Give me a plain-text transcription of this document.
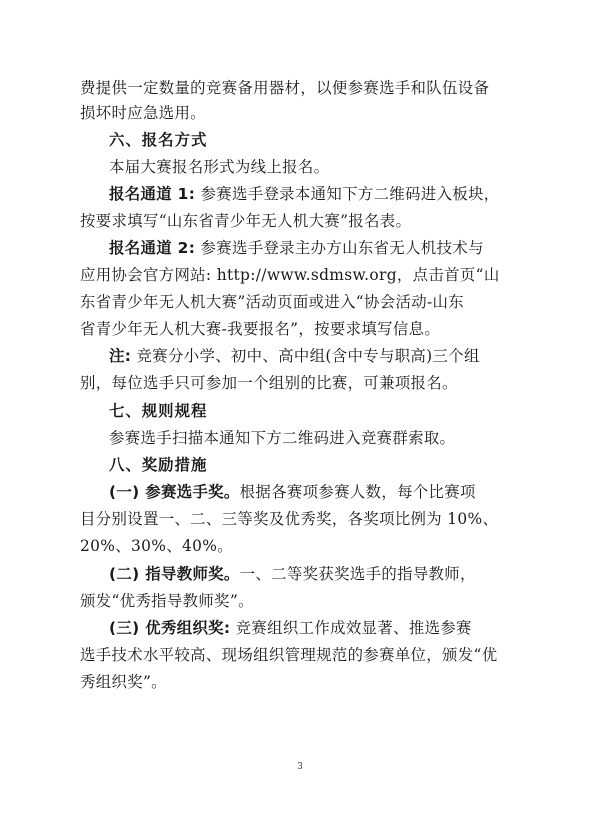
费提供一定数量的竞赛备用器材，以便参赛选手和队伍设备
损坏时应急选用。
六、报名方式
本届大赛报名形式为线上报名。
报名通道 1: 参赛选手登录本通知下方二维码进入板块，
按要求填写“山东省青少年无人机大赛”报名表。
报名通道 2: 参赛选手登录主办方山东省无人机技术与
应用协会官方网站: http://www.sdmsw.org，点击首页“山
东省青少年无人机大赛”活动页面或进入“协会活动-山东
省青少年无人机大赛-我要报名”，按要求填写信息。
注: 竞赛分小学、初中、高中组(含中专与职高)三个组
别，每位选手只可参加一个组别的比赛，可兼项报名。
七、规则规程
参赛选手扫描本通知下方二维码进入竞赛群索取。
八、奖励措施
(一) 参赛选手奖。根据各赛项参赛人数，每个比赛项
目分别设置一、二、三等奖及优秀奖，各奖项比例为 10%、
20%、30%、40%。
(二) 指导教师奖。一、二等奖获奖选手的指导教师，
颁发“优秀指导教师奖”。
(三) 优秀组织奖: 竞赛组织工作成效显著、推选参赛
选手技术水平较高、现场组织管理规范的参赛单位，颁发“优
秀组织奖”。
3
